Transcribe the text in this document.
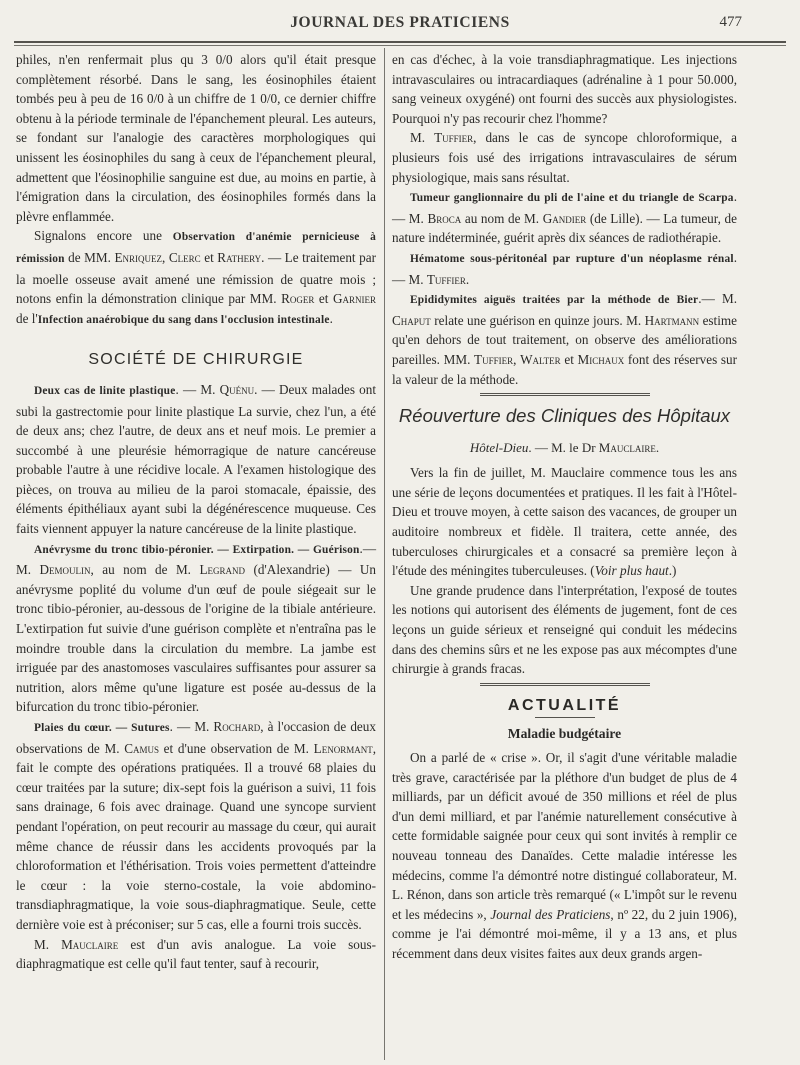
JOURNAL DES PRATICIENS	477

philes, n'en renfermait plus qu 3 0/0 alors qu'il était presque complètement résorbé. Dans le sang, les éosinophiles étaient tombés peu à peu de 16 0/0 à un chiffre de 1 0/0, ce dernier chiffre obtenu à la période terminale de l'épanchement pleural. Les auteurs, se fondant sur l'analogie des caractères morphologiques qui unissent les éosinophiles du sang à ceux de l'épanchement pleural, admettent que l'éosinophilie sanguine est due, au moins en partie, à l'émigration dans la circulation, des éosinophiles formés dans la plèvre enflammée.

Signalons encore une Observation d'anémie pernicieuse à rémission de MM. Enriquez, Clerc et Rathery. — Le traitement par la moelle osseuse avait amené une rémission de quatre mois ; notons enfin la démonstration clinique par MM. Roger et Garnier de l'Infection anaérobique du sang dans l'occlusion intestinale.

SOCIÉTÉ DE CHIRURGIE

Deux cas de linite plastique. — M. Quénu. — Deux malades ont subi la gastrectomie pour linite plastique La survie, chez l'un, a été de deux ans; chez l'autre, de deux ans et neuf mois. Le premier a succombé à une pleurésie hémorragique de nature cancéreuse probable l'autre à une récidive locale. A l'examen histologique des pièces, on trouva au milieu de la paroi stomacale, épaissie, des éléments épithéliaux ayant subi la dégénérescence muqueuse. Ces faits viennent appuyer la nature cancéreuse de la linite plastique.

Anévrysme du tronc tibio-péronier. — Extirpation. — Guérison.—M. Demoulin, au nom de M. Legrand (d'Alexandrie) — Un anévrysme poplité du volume d'un œuf de poule siégeait sur le tronc tibio-péronier, au-dessous de l'origine de la tibiale antérieure. L'extirpation fut suivie d'une guérison complète et n'entraîna pas le moindre trouble dans la circulation du membre. La jambe est irriguée par des anastomoses vasculaires suffisantes pour assurer sa nutrition, alors même qu'une ligature est posée au-dessus de la bifurcation du tronc tibio-péronier.

Plaies du cœur. — Sutures. — M. Rochard, à l'occasion de deux observations de M. Camus et d'une observation de M. Lenormant, fait le compte des opérations pratiquées. Il a trouvé 68 plaies du cœur traitées par la suture; dix-sept fois la guérison a suivi, 11 fois sans drainage, 6 fois avec drainage. Quand une syncope survient pendant l'opération, on peut recourir au massage du cœur, qui aurait même chance de réussir dans les accidents provoqués par la chloroformation et l'éthérisation. Trois voies permettent d'atteindre le cœur : la voie sterno-costale, la voie abdomino-transdiaphragmatique, la voie sous-diaphragmatique. Seule, cette dernière voie est à préconiser; sur 5 cas, elle a fourni trois succès.

M. Mauclaire est d'un avis analogue. La voie sous-diaphragmatique est celle qu'il faut tenter, sauf à recourir,

en cas d'échec, à la voie transdiaphragmatique. Les injections intravasculaires ou intracardiaques (adrénaline à 1 pour 50.000, sang veineux oxygéné) ont fourni des succès aux physiologistes. Pourquoi n'y pas recourir chez l'homme?

M. Tuffier, dans le cas de syncope chloroformique, a plusieurs fois usé des irrigations intravasculaires de sérum physiologique, mais sans résultat.

Tumeur ganglionnaire du pli de l'aine et du triangle de Scarpa. — M. Broca au nom de M. Gandier (de Lille). — La tumeur, de nature indéterminée, guérit après dix séances de radiothérapie.

Hématome sous-péritonéal par rupture d'un néoplasme rénal. — M. Tuffier.

Epididymites aiguës traitées par la méthode de Bier.— M. Chaput relate une guérison en quinze jours. M. Hartmann estime qu'en dehors de tout traitement, on observe des améliorations pareilles. MM. Tuffier, Walter et Michaux font des réserves sur la valeur de la méthode.

Réouverture des Cliniques des Hôpitaux
Hôtel-Dieu. — M. le Dr Mauclaire.

Vers la fin de juillet, M. Mauclaire commence tous les ans une série de leçons documentées et pratiques. Il les fait à l'Hôtel-Dieu et trouve moyen, à cette saison des vacances, de grouper un auditoire nombreux et fidèle. Il traitera, cette année, des tuberculoses chirurgicales et a consacré sa première leçon à l'étude des méningites tuberculeuses. (Voir plus haut.)

Une grande prudence dans l'interprétation, l'exposé de toutes les notions qui autorisent des éléments de jugement, font de ces leçons un guide sérieux et renseigné qui conduit les médecins dans des chemins sûrs et ne les expose pas aux mécomptes d'une chirurgie à grands fracas.

ACTUALITÉ
Maladie budgétaire

On a parlé de « crise ». Or, il s'agit d'une véritable maladie très grave, caractérisée par la pléthore d'un budget de plus de 4 milliards, par un déficit avoué de 350 millions et réel de plus d'un demi milliard, et par l'anémie naturellement consécutive à cette formidable saignée pour ceux qui sont invités à remplir ce nouveau tonneau des Danaïdes. Cette maladie intéresse les médecins, comme l'a démontré notre distingué collaborateur, M. L. Rénon, dans son article très remarqué (« L'impôt sur le revenu et les médecins », Journal des Praticiens, nº 22, du 2 juin 1906), comme je l'ai démontré moi-même, il y a 13 ans, et plus récemment dans deux visites faites aux deux grands argen-
